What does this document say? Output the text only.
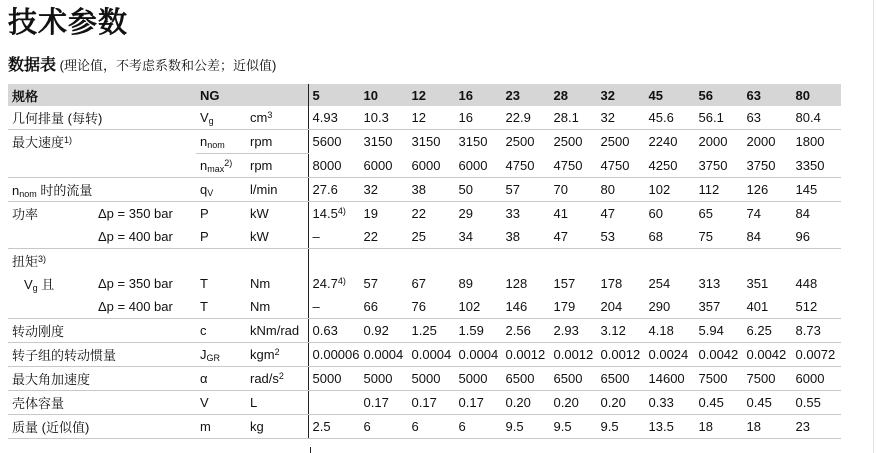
技术参数
数据表 (理论值，不考虑系数和公差；近似值)
规格		NG		5	10	12	16	23	28	32	45	56	63	80
几何排量 (每转)		$V_g$	$cm^3$	4.93	10.3	12	16	22.9	28.1	32	45.6	56.1	63	80.4
最大速度$^{1)}$		$n_{nom}$	rpm	5600	3150	3150	3150	2500	2500	2500	2240	2000	2000	1800
		$n_{max}^{2)}$	rpm	8000	6000	6000	6000	4750	4750	4750	4250	3750	3750	3350
$n_{nom}$ 时的流量		$q_V$	l/min	27.6	32	38	50	57	70	80	102	112	126	145
功率	Δp = 350 bar	P	kW	14.5$^{4)}$	19	22	29	33	41	47	60	65	74	84
	Δp = 400 bar	P	kW	–	22	25	34	38	47	53	68	75	84	96
扭矩$^{3)}$													
$V_g$ 且	Δp = 350 bar	T	Nm	24.7$^{4)}$	57	67	89	128	157	178	254	313	351	448
	Δp = 400 bar	T	Nm	–	66	76	102	146	179	204	290	357	401	512
转动刚度		c	kNm/rad	0.63	0.92	1.25	1.59	2.56	2.93	3.12	4.18	5.94	6.25	8.73
转子组的转动惯量		$J_{GR}$	kgm$^2$	0.00006	0.0004	0.0004	0.0004	0.0012	0.0012	0.0012	0.0024	0.0042	0.0042	0.0072
最大角加速度		α	rad/$s^2$	5000	5000	5000	5000	6500	6500	6500	14600	7500	7500	6000
壳体容量		V	L		0.17	0.17	0.17	0.20	0.20	0.20	0.33	0.45	0.45	0.55
质量 (近似值)		m	kg	2.5	6	6	6	9.5	9.5	9.5	13.5	18	18	23
